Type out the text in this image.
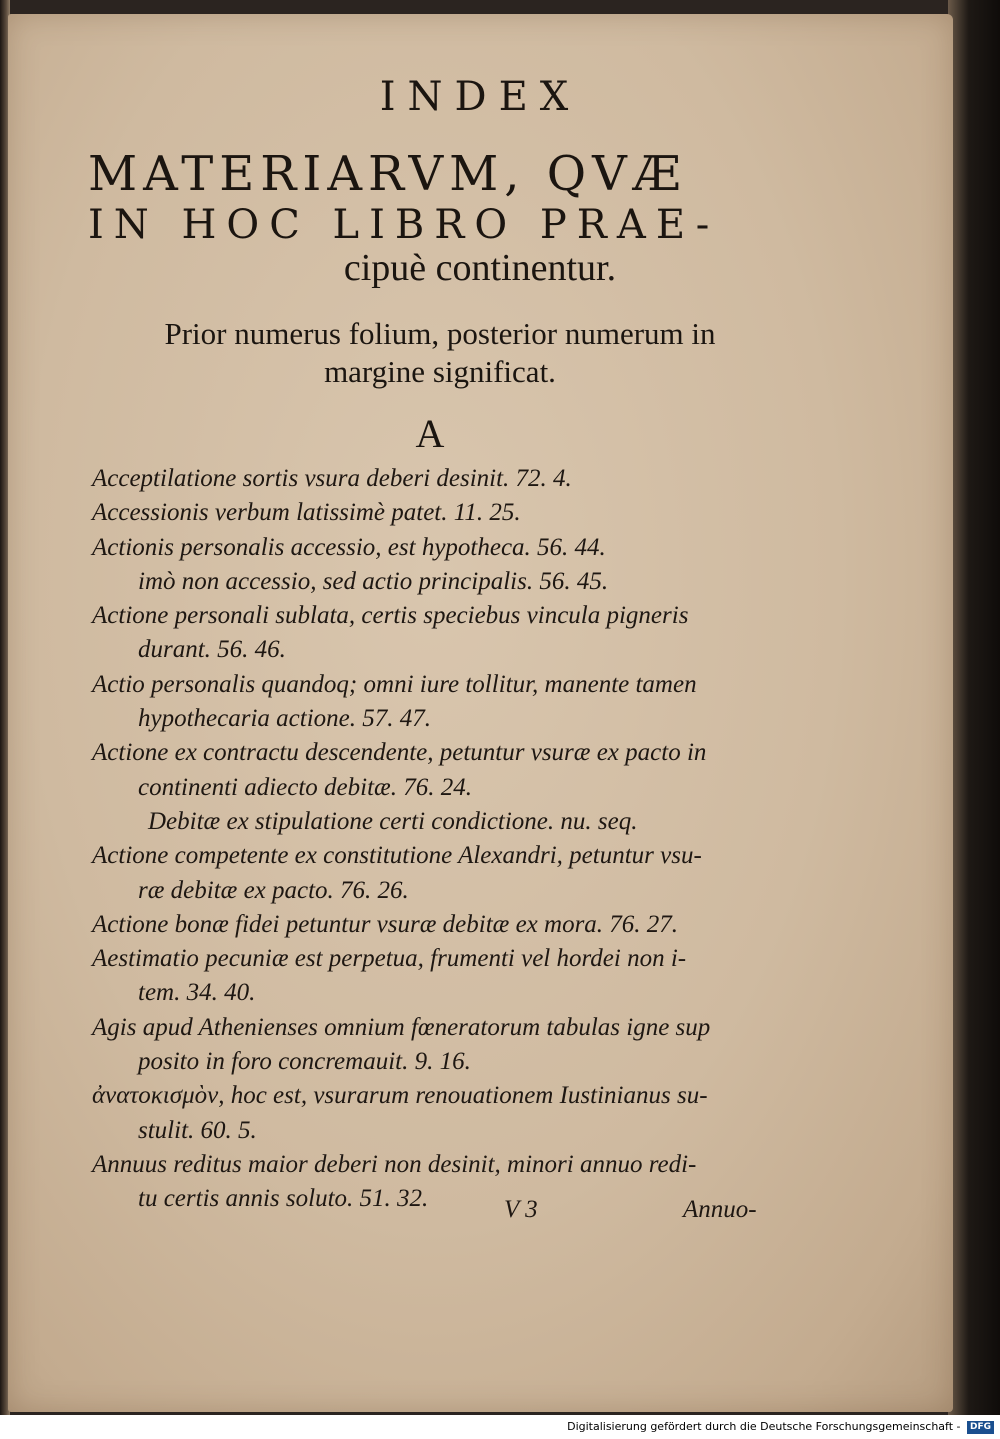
INDEX
MATERIARVM, QVÆ
IN HOC LIBRO PRAE-
cipuè continentur.
Prior numerus folium, posterior numerum in
margine significat.
A
Acceptilatione sortis vsura deberi desinit. 72. 4.
Accessionis verbum latissimè patet. 11. 25.
Actionis personalis accessio, est hypotheca. 56. 44.
imò non accessio, sed actio principalis. 56. 45.
Actione personali sublata, certis speciebus vincula pigneris
durant. 56. 46.
Actio personalis quandoq; omni iure tollitur, manente tamen
hypothecaria actione. 57. 47.
Actione ex contractu descendente, petuntur vsuræ ex pacto in
continenti adiecto debitæ. 76. 24.
Debitæ ex stipulatione certi condictione. nu. seq.
Actione competente ex constitutione Alexandri, petuntur vsu-
ræ debitæ ex pacto. 76. 26.
Actione bonæ fidei petuntur vsuræ debitæ ex mora. 76. 27.
Aestimatio pecuniæ est perpetua, frumenti vel hordei non i-
tem. 34. 40.
Agis apud Athenienses omnium fœneratorum tabulas igne sup
posito in foro concremauit. 9. 16.
ἀνατοκισμὸν, hoc est, vsurarum renouationem Iustinianus su-
stulit. 60. 5.
Annuus reditus maior deberi non desinit, minori annuo redi-
tu certis annis soluto. 51. 32.	V 3	Annuo-
Digitalisierung gefördert durch die Deutsche Forschungsgemeinschaft - DFG
